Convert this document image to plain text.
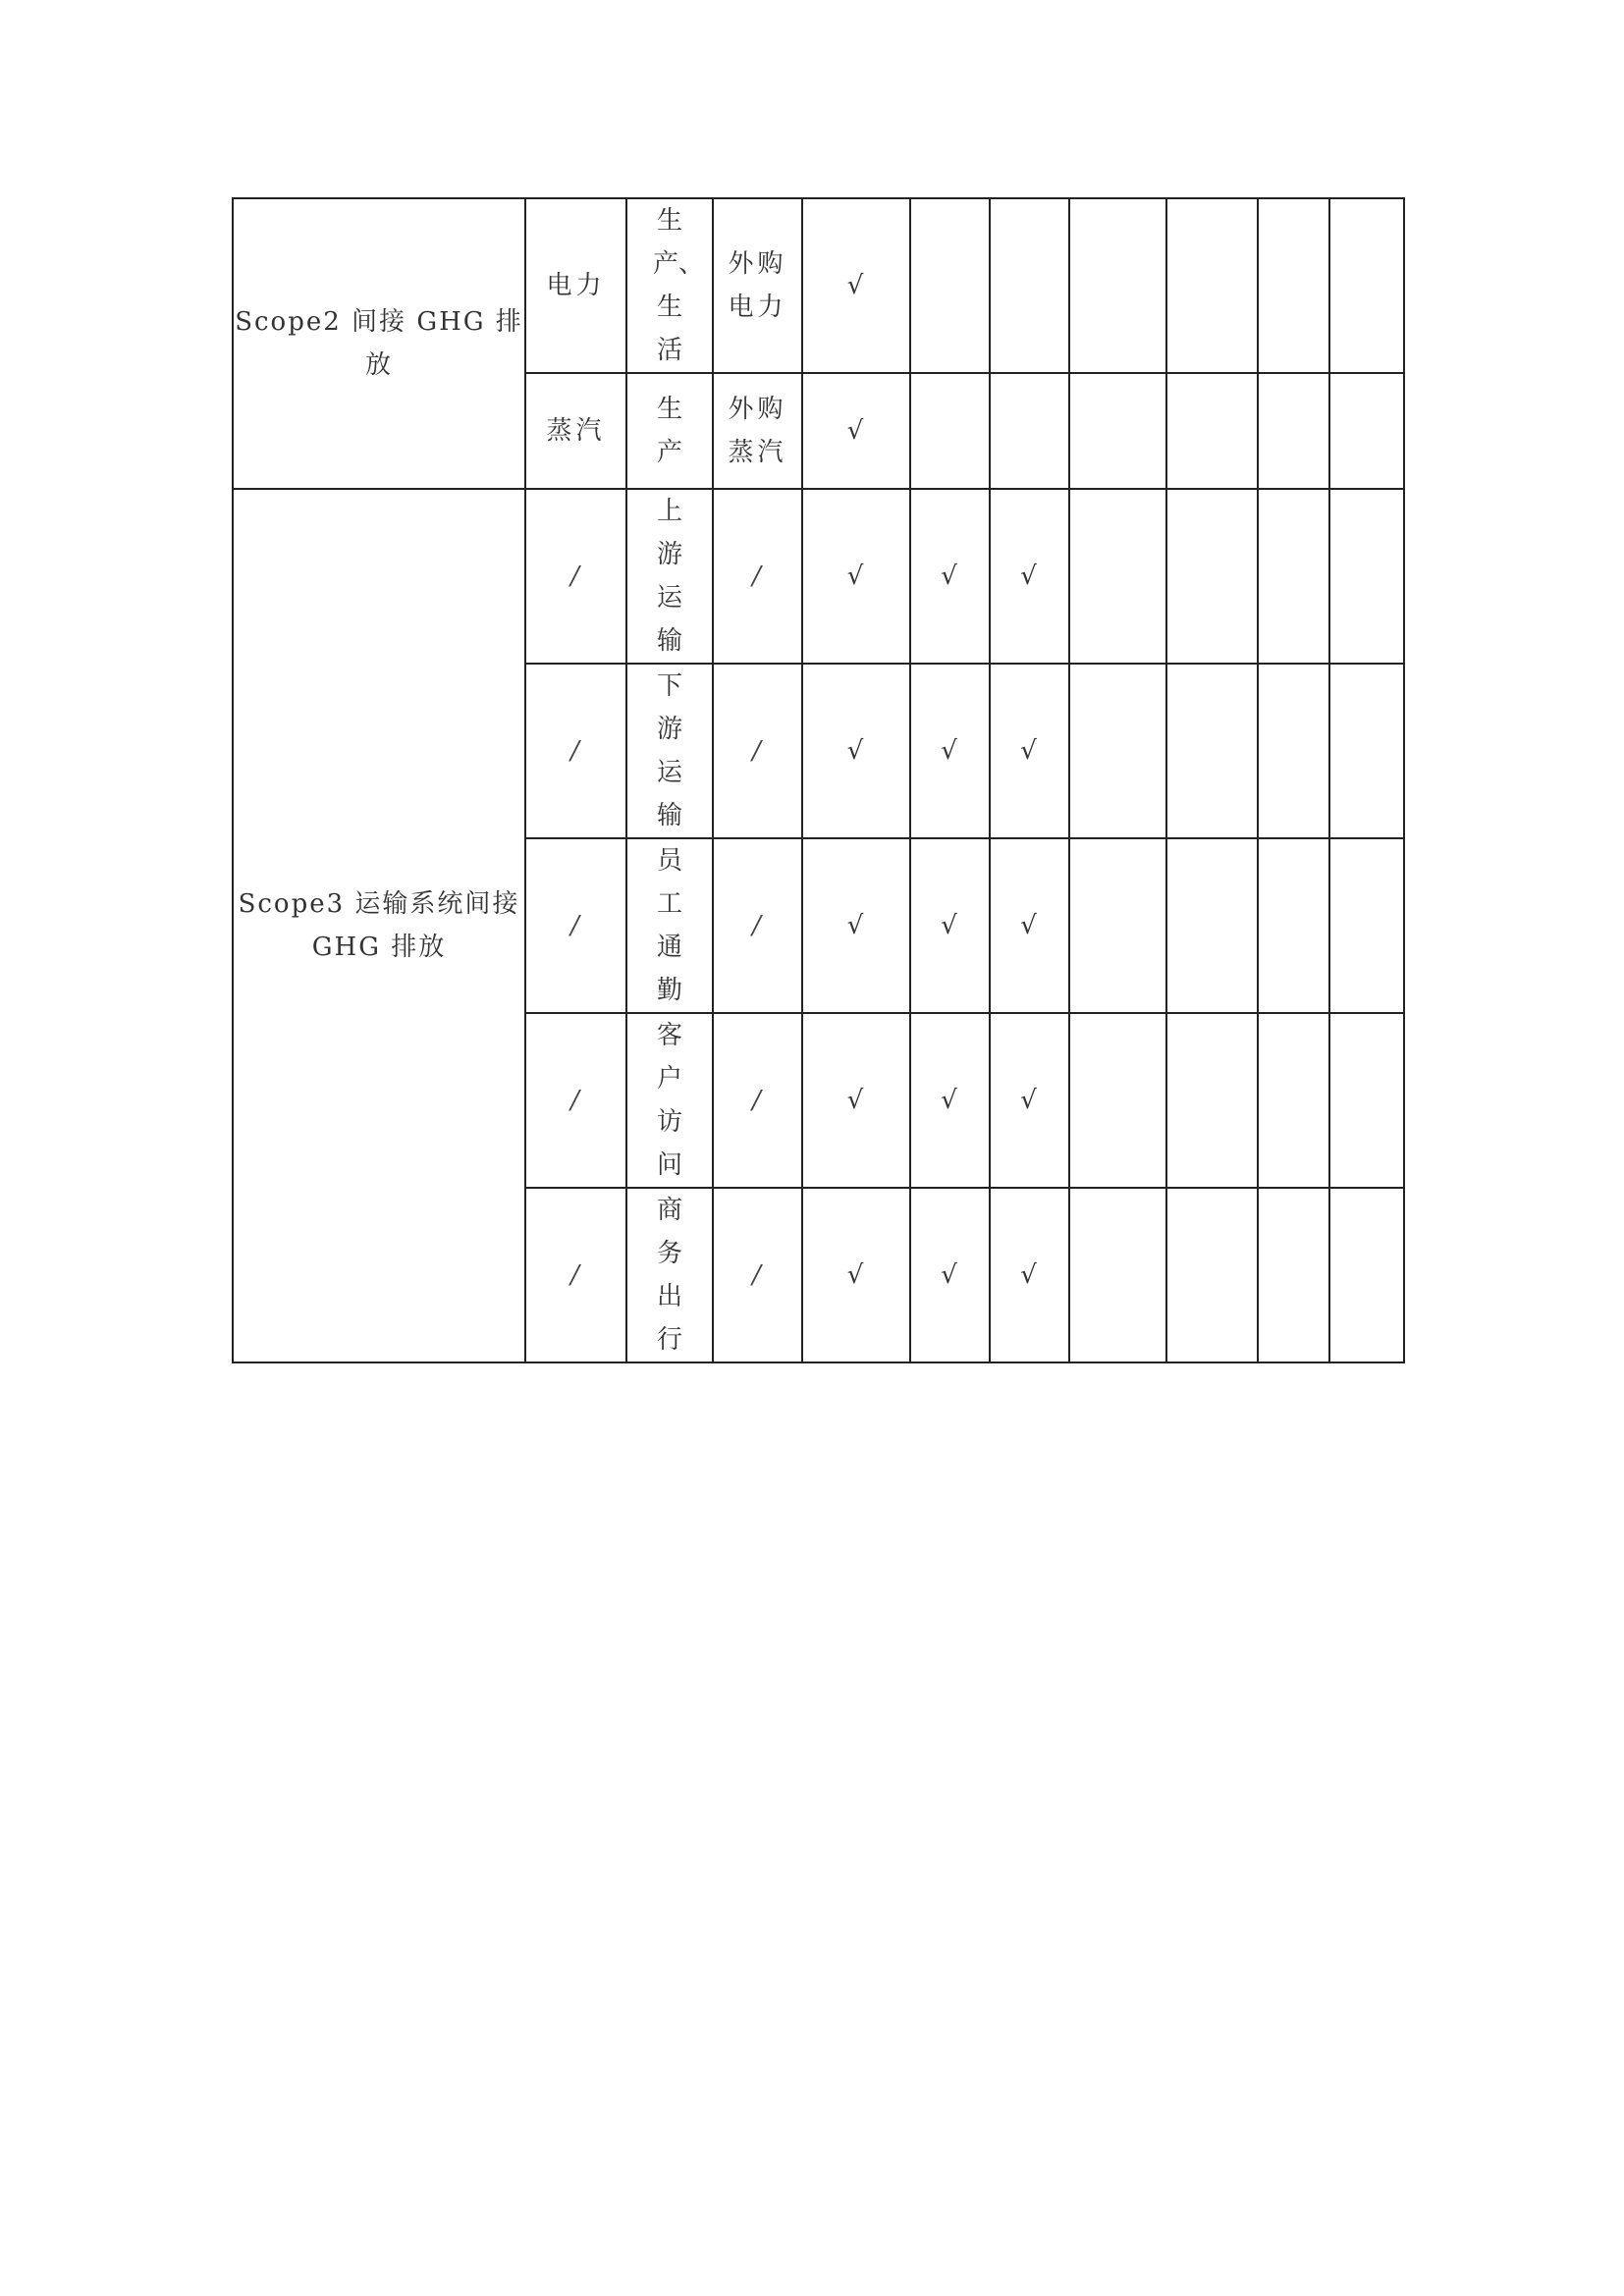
Scope2 间接 GHG 排放	电力	生产、生活	外购电力	√						
	蒸汽	生产	外购蒸汽	√						
Scope3 运输系统间接 GHG 排放	/	上游运输	/	√	√	√				
	/	下游运输	/	√	√	√				
	/	员工通勤	/	√	√	√				
	/	客户访问	/	√	√	√				
	/	商务出行	/	√	√	√				
